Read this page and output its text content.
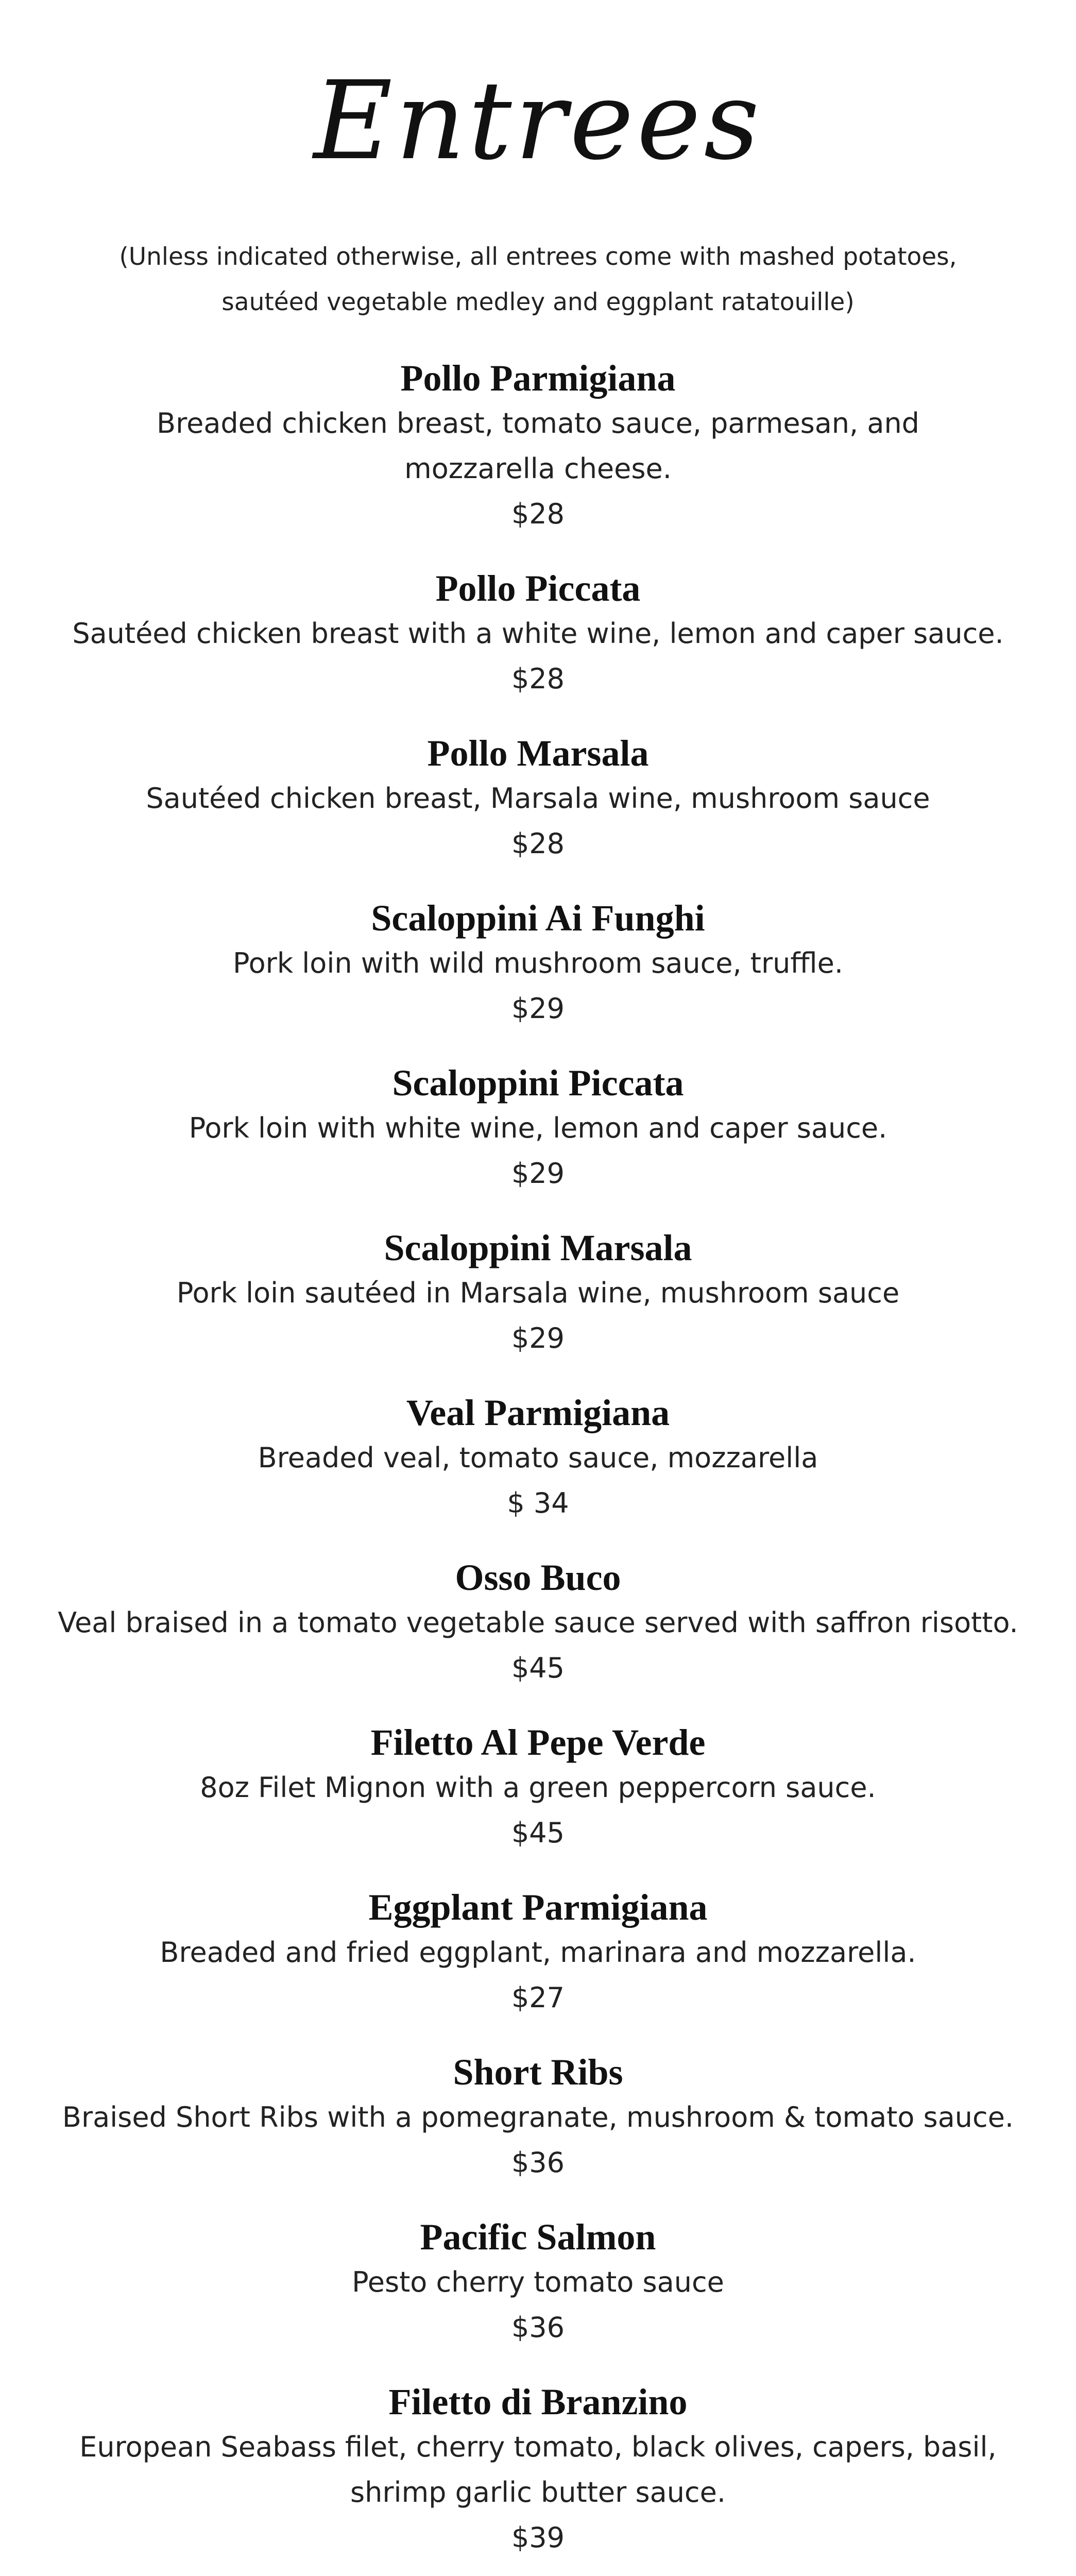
Entrees

(Unless indicated otherwise, all entrees come with mashed potatoes, sautéed vegetable medley and eggplant ratatouille)

Pollo Parmigiana

Breaded chicken breast, tomato sauce, parmesan, and mozzarella cheese.

$28

Pollo Piccata

Sautéed chicken breast with a white wine, lemon and caper sauce.

$28

Pollo Marsala

Sautéed chicken breast, Marsala wine, mushroom sauce

$28

Scaloppini Ai Funghi

Pork loin with wild mushroom sauce, truffle.

$29

Scaloppini Piccata

Pork loin with white wine, lemon and caper sauce.

$29

Scaloppini Marsala

Pork loin sautéed in Marsala wine, mushroom sauce

$29

Veal Parmigiana

Breaded veal, tomato sauce, mozzarella

$ 34

Osso Buco

Veal braised in a tomato vegetable sauce served with saffron risotto.

$45

Filetto Al Pepe Verde

8oz Filet Mignon with a green peppercorn sauce.

$45

Eggplant Parmigiana

Breaded and fried eggplant, marinara and mozzarella.

$27

Short Ribs

Braised Short Ribs with a pomegranate, mushroom & tomato sauce.

$36

Pacific Salmon

Pesto cherry tomato sauce

$36

Filetto di Branzino

European Seabass filet, cherry tomato, black olives, capers, basil, shrimp garlic butter sauce.

$39
